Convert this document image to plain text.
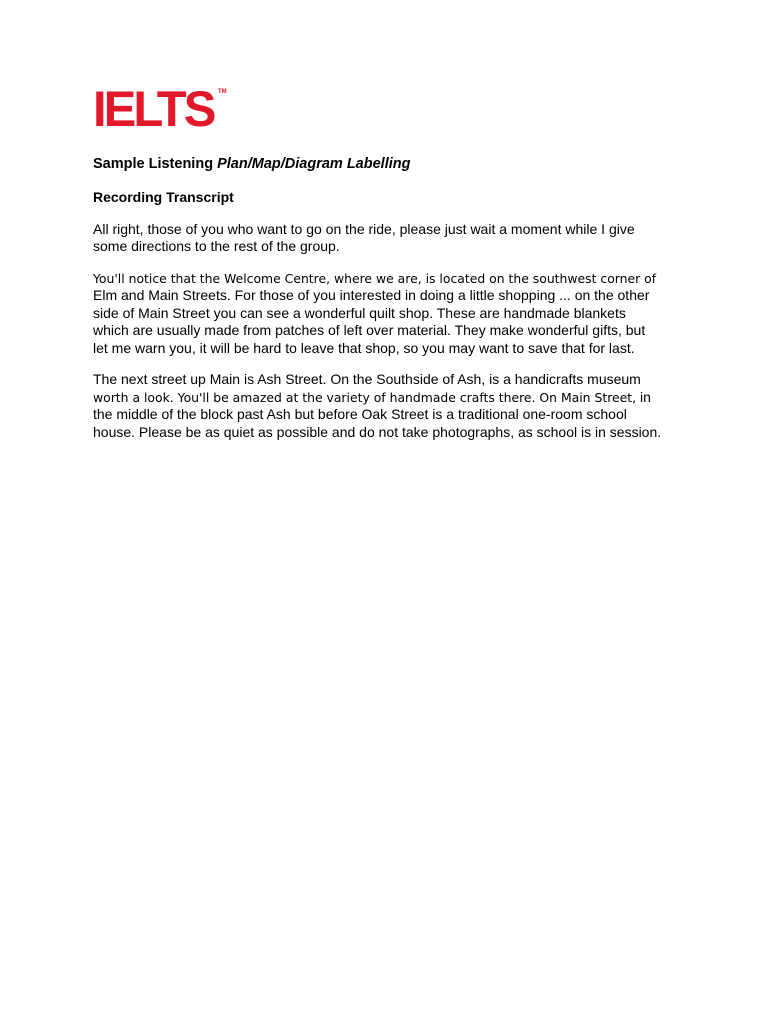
IELTS TM
Sample Listening Plan/Map/Diagram Labelling
Recording Transcript
All right, those of you who want to go on the ride, please just wait a moment while I give
some directions to the rest of the group.
You'll notice that the Welcome Centre, where we are, is located on the southwest corner of
Elm and Main Streets. For those of you interested in doing a little shopping ... on the other
side of Main Street you can see a wonderful quilt shop. These are handmade blankets
which are usually made from patches of left over material. They make wonderful gifts, but
let me warn you, it will be hard to leave that shop, so you may want to save that for last.
The next street up Main is Ash Street. On the Southside of Ash, is a handicrafts museum
worth a look. You'll be amazed at the variety of handmade crafts there. On Main Street, in
the middle of the block past Ash but before Oak Street is a traditional one-room school
house. Please be as quiet as possible and do not take photographs, as school is in session.
